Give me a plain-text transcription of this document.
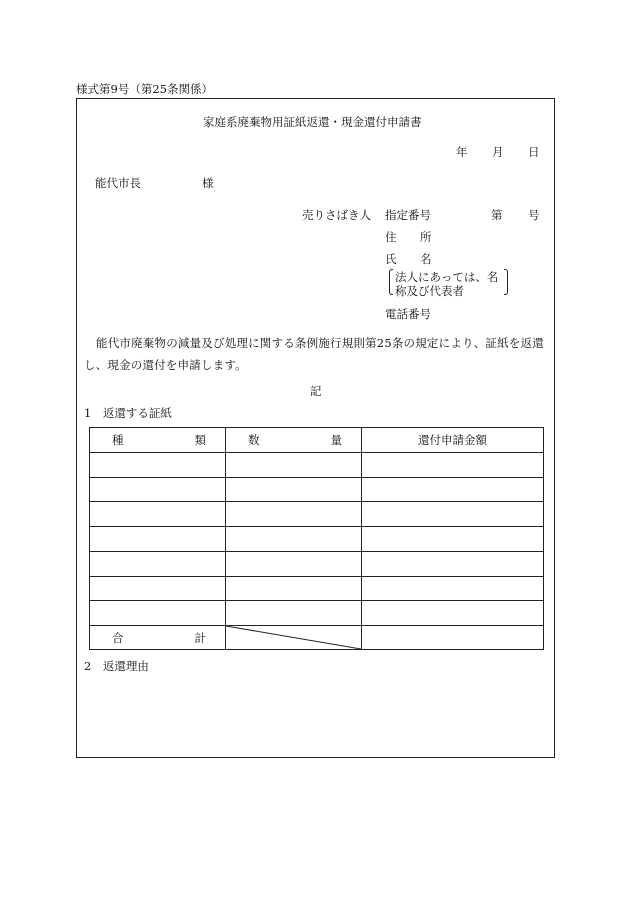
様式第9号（第25条関係）
家庭系廃棄物用証紙返還・現金還付申請書
年 月 日
能代市長	様
売りさばき人 指定番号	第 号
住 所
氏 名
法人にあっては、名
称及び代表者
電話番号
能代市廃棄物の減量及び処理に関する条例施行規則第25条の規定により、証紙を返還
し、現金の還付を申請します。
記
1　返還する証紙
種 類	数 量	還付申請金額

合 計

2　返還理由
